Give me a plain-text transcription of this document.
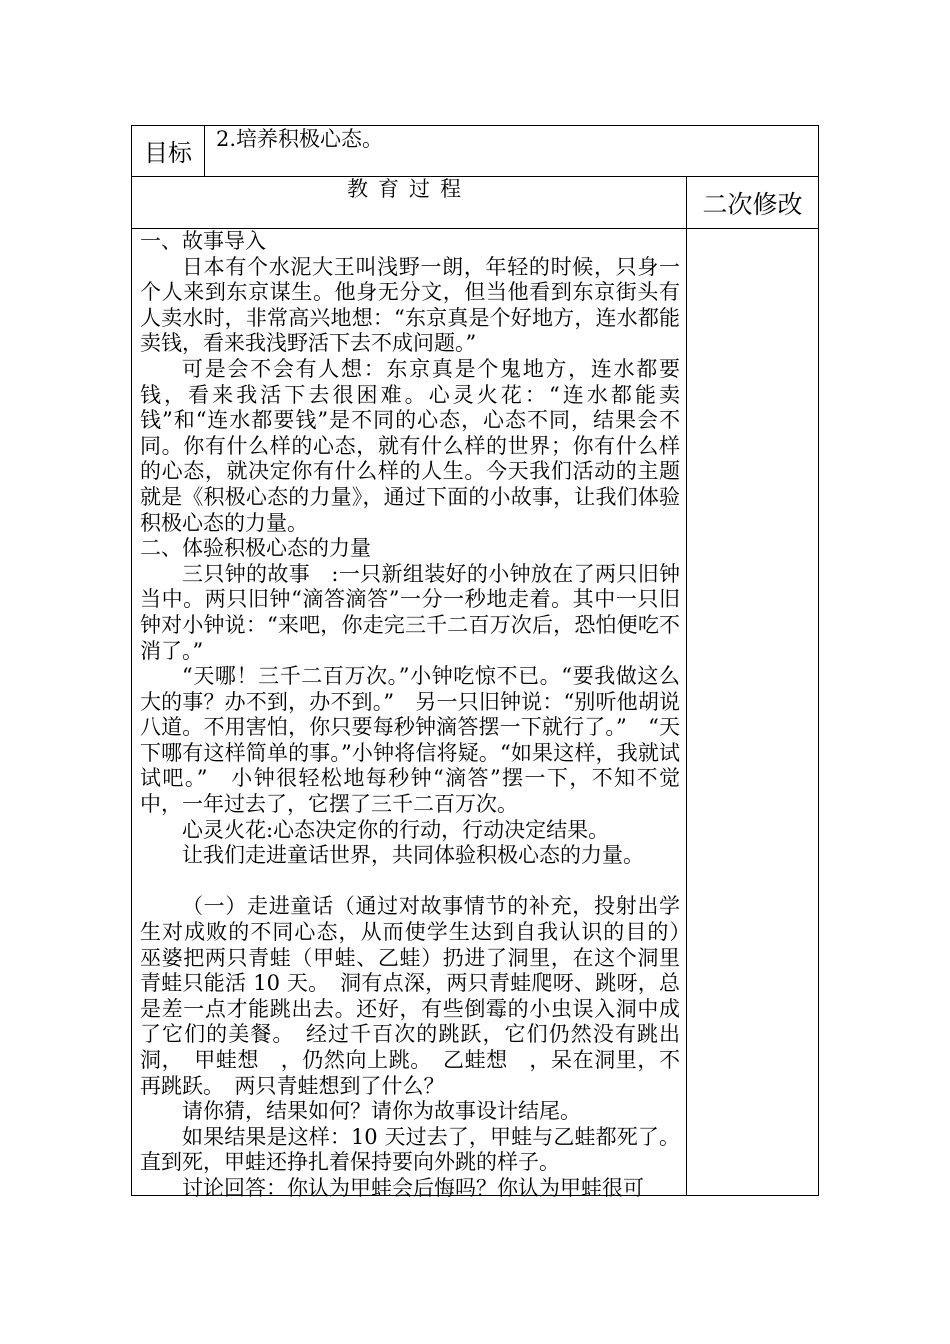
目标	2.培养积极心态。
教育过程
二次修改

一、故事导入

日本有个水泥大王叫浅野一朗，年轻的时候，只身一个人来到东京谋生。他身无分文，但当他看到东京街头有人卖水时，非常高兴地想：“东京真是个好地方，连水都能卖钱，看来我浅野活下去不成问题。”

可是会不会有人想：东京真是个鬼地方，连水都要钱，看来我活下去很困难。心灵火花：“连水都能卖钱”和“连水都要钱”是不同的心态，心态不同，结果会不同。你有什么样的心态，就有什么样的世界；你有什么样的心态，就决定你有什么样的人生。今天我们活动的主题就是《积极心态的力量》，通过下面的小故事，让我们体验积极心态的力量。

二、体验积极心态的力量

三只钟的故事　:一只新组装好的小钟放在了两只旧钟当中。两只旧钟“滴答滴答”一分一秒地走着。其中一只旧钟对小钟说：“来吧，你走完三千二百万次后，恐怕便吃不消了。”

“天哪！三千二百万次。”小钟吃惊不已。“要我做这么大的事？办不到，办不到。”　另一只旧钟说：“别听他胡说八道。不用害怕，你只要每秒钟滴答摆一下就行了。”　“天下哪有这样简单的事。”小钟将信将疑。“如果这样，我就试试吧。”　小钟很轻松地每秒钟“滴答”摆一下，不知不觉中，一年过去了，它摆了三千二百万次。

心灵火花:心态决定你的行动，行动决定结果。

让我们走进童话世界，共同体验积极心态的力量。

（一）走进童话（通过对故事情节的补充，投射出学生对成败的不同心态，从而使学生达到自我认识的目的）　巫婆把两只青蛙（甲蛙、乙蛙）扔进了洞里，在这个洞里青蛙只能活 10 天。　洞有点深，两只青蛙爬呀、跳呀，总是差一点才能跳出去。还好，有些倒霉的小虫误入洞中成了它们的美餐。　经过千百次的跳跃，它们仍然没有跳出洞，　甲蛙想　，仍然向上跳。　乙蛙想　，呆在洞里，不再跳跃。　两只青蛙想到了什么？

请你猜，结果如何？请你为故事设计结尾。

如果结果是这样：10 天过去了，甲蛙与乙蛙都死了。直到死，甲蛙还挣扎着保持要向外跳的样子。

讨论回答：你认为甲蛙会后悔吗？你认为甲蛙很可
